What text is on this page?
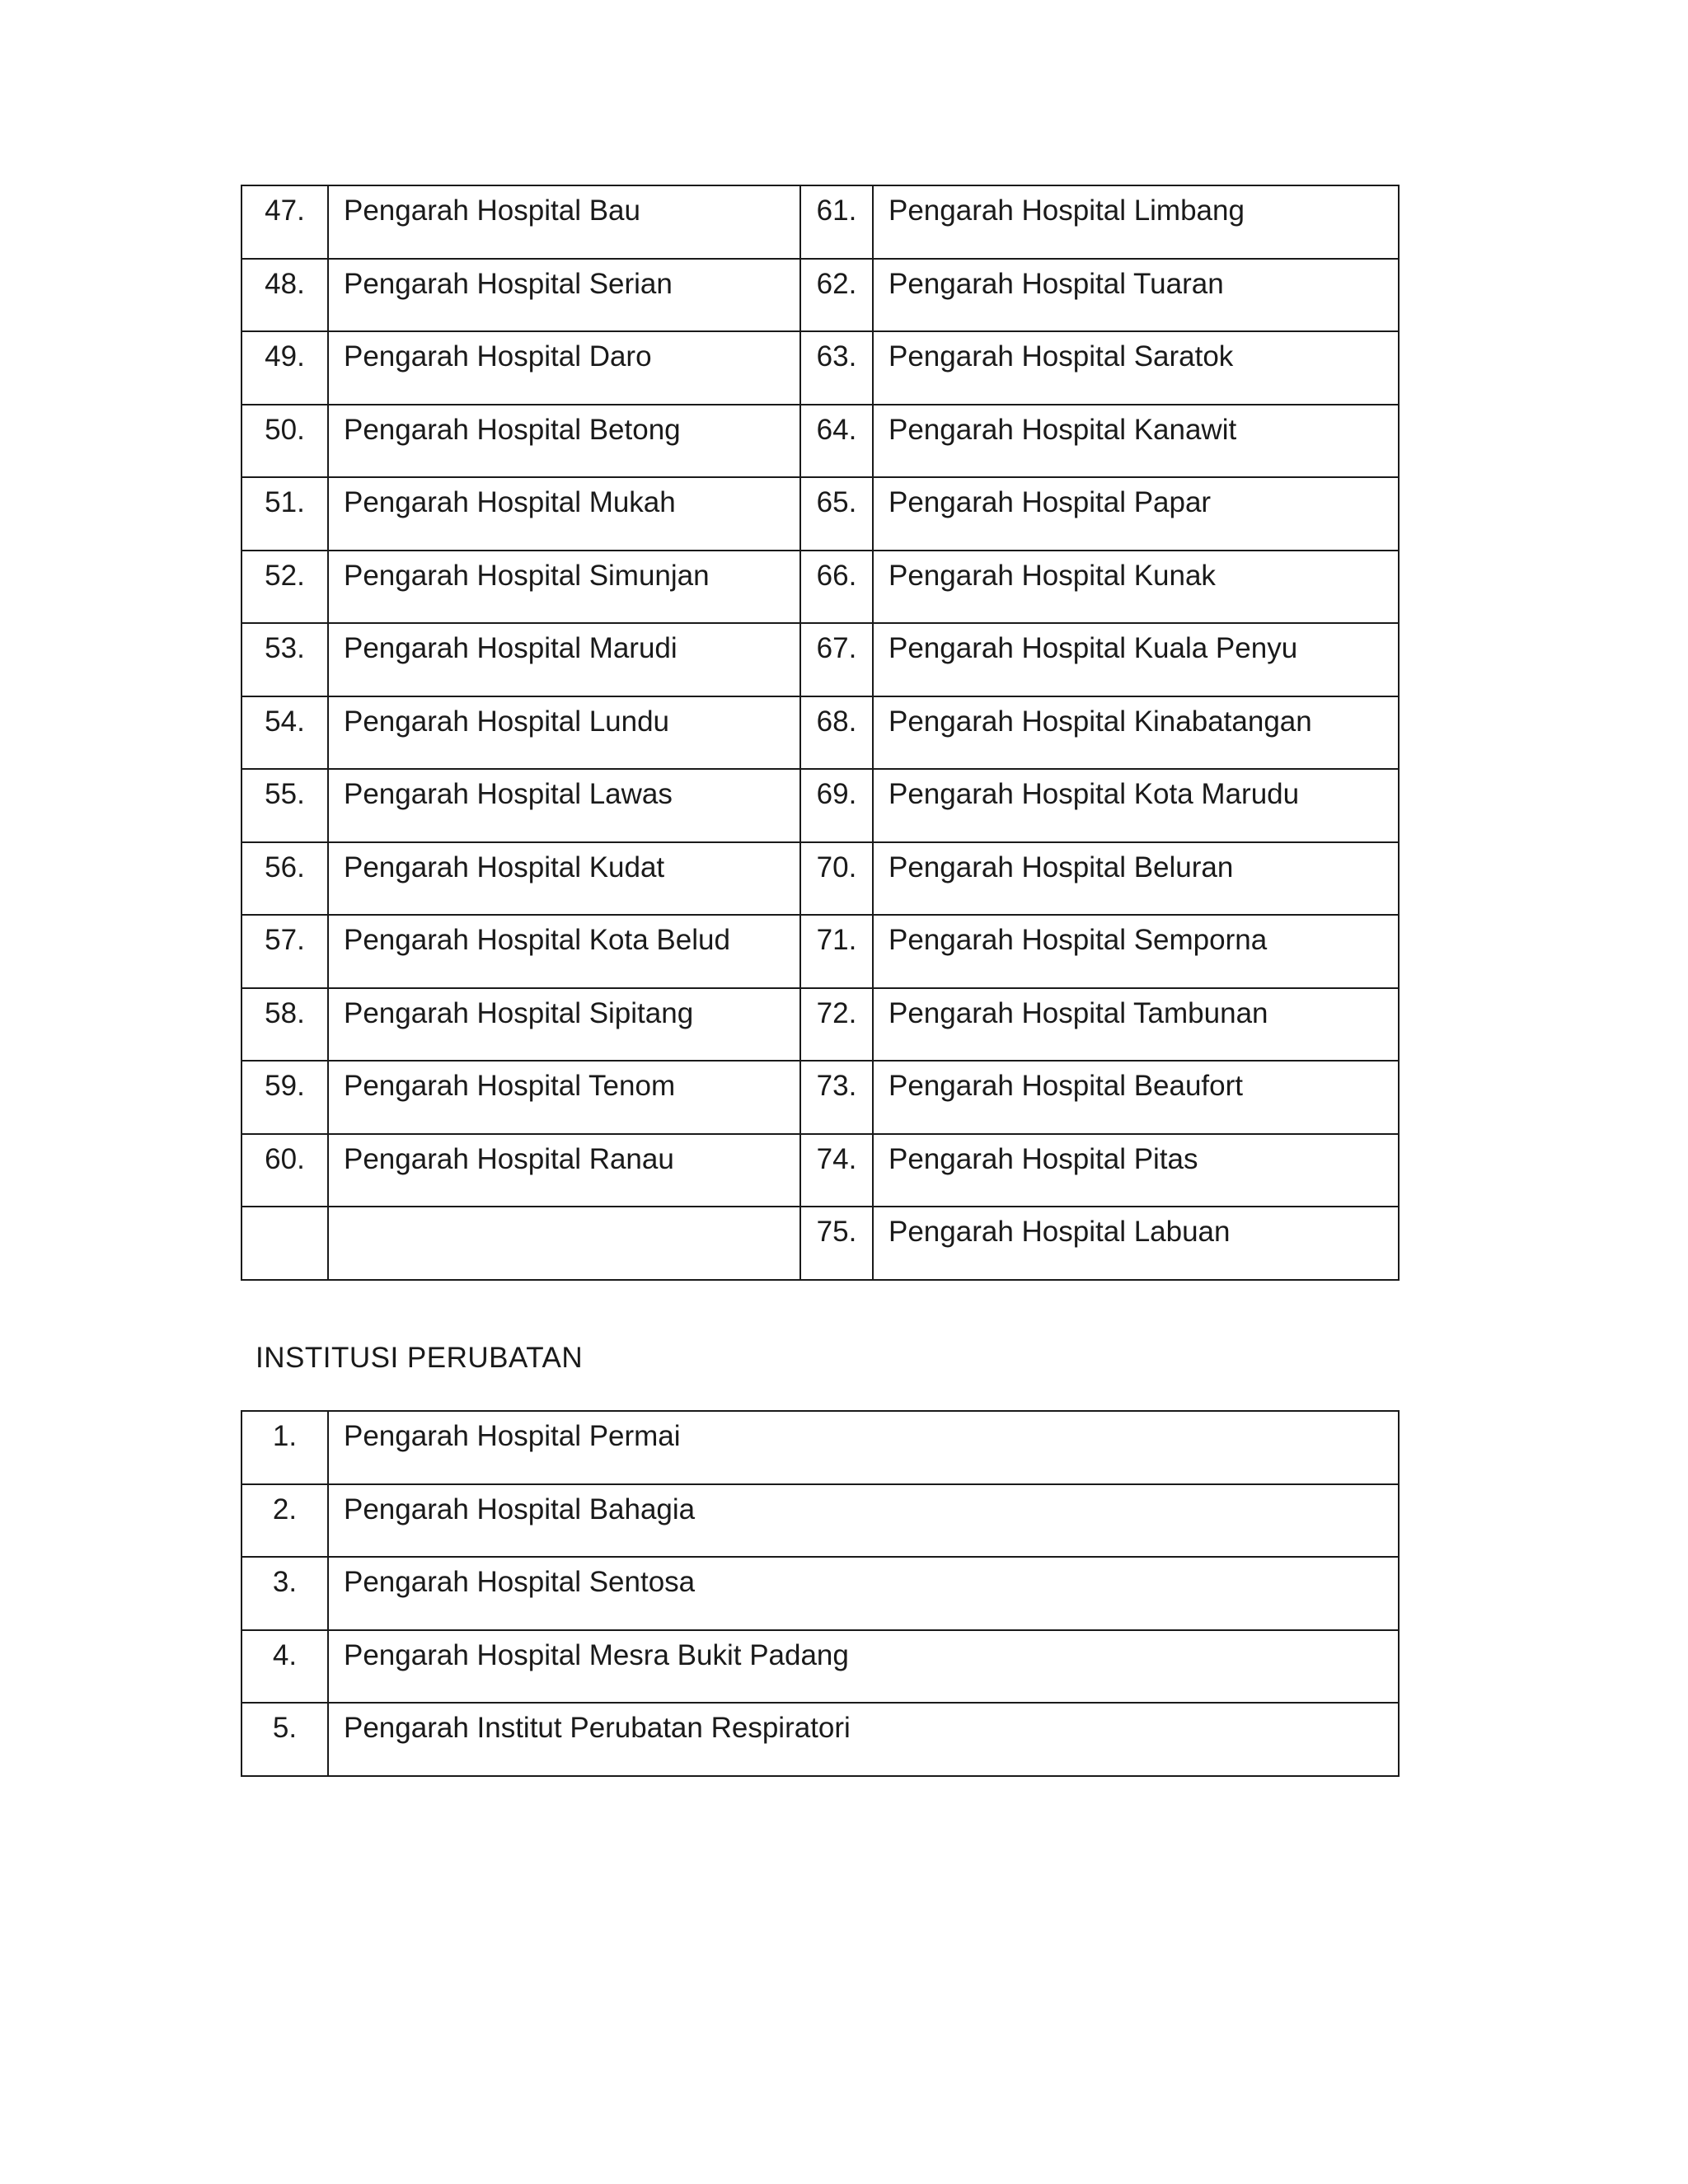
47.	Pengarah Hospital Bau	61.	Pengarah Hospital Limbang
48.	Pengarah Hospital Serian	62.	Pengarah Hospital Tuaran
49.	Pengarah Hospital Daro	63.	Pengarah Hospital Saratok
50.	Pengarah Hospital Betong	64.	Pengarah Hospital Kanawit
51.	Pengarah Hospital Mukah	65.	Pengarah Hospital Papar
52.	Pengarah Hospital Simunjan	66.	Pengarah Hospital Kunak
53.	Pengarah Hospital Marudi	67.	Pengarah Hospital Kuala Penyu
54.	Pengarah Hospital Lundu	68.	Pengarah Hospital Kinabatangan
55.	Pengarah Hospital Lawas	69.	Pengarah Hospital Kota Marudu
56.	Pengarah Hospital Kudat	70.	Pengarah Hospital Beluran
57.	Pengarah Hospital Kota Belud	71.	Pengarah Hospital Semporna
58.	Pengarah Hospital Sipitang	72.	Pengarah Hospital Tambunan
59.	Pengarah Hospital Tenom	73.	Pengarah Hospital Beaufort
60.	Pengarah Hospital Ranau	74.	Pengarah Hospital Pitas
		75.	Pengarah Hospital Labuan
INSTITUSI PERUBATAN
1.	Pengarah Hospital Permai
2.	Pengarah Hospital Bahagia
3.	Pengarah Hospital Sentosa
4.	Pengarah Hospital Mesra Bukit Padang
5.	Pengarah Institut Perubatan Respiratori
